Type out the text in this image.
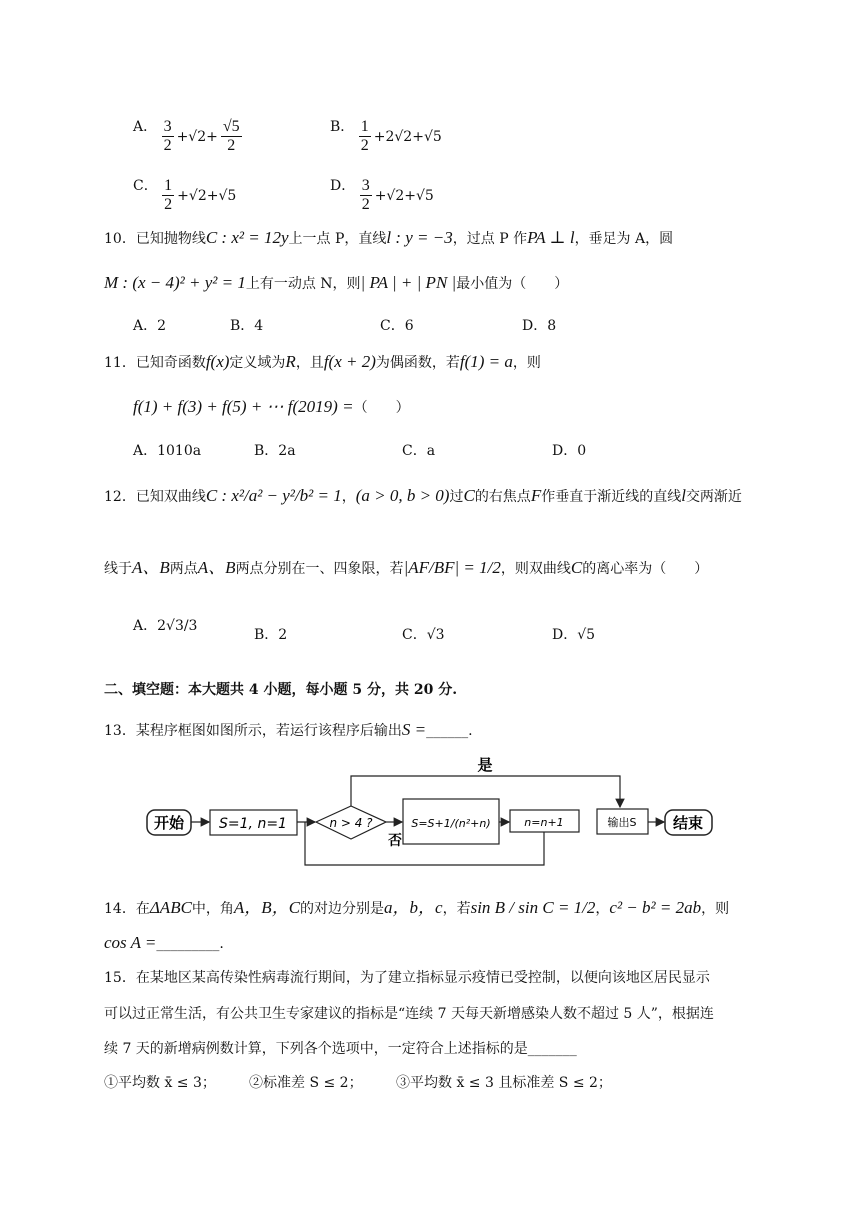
A． $\frac{3}{2} +√2+ \frac{√5}{2}$	B． $\frac{1}{2} +2√2+√5$
C． $\frac{1}{2} +√2+√5$
D． $\frac{3}{2} +√2+√5$
10．已知抛物线C : x² = 12y上一点 P，直线l : y = −3，过点 P 作PA ⊥ l，垂足为 A，圆
M : (x − 4)² + y² = 1上有一动点 N，则| PA | + | PN |最小值为（　　）
A．2	B．4	C．6	D．8
11．已知奇函数f(x)定义域为R，且f(x + 2)为偶函数，若f(1) = a，则
f(1) + f(3) + f(5) + ⋯ f(2019) =（　　）
A．1010a	B．2a	C．a	D．0
12．已知双曲线C : x²/a² − y²/b² = 1，(a > 0, b > 0)过C的右焦点F作垂直于渐近线的直线l交两渐近
线于A、B两点A、B两点分别在一、四象限，若|AF/BF| = 1/2，则双曲线C的离心率为（　　）
A．2√3/3
B．2	C．√3	D．√5
二、填空题：本大题共 4 小题，每小题 5 分，共 20 分.
13．某程序框图如图所示，若运行该程序后输出S =______.
开始	S=1, n=1	n > 4 ?
否
S=S+1/(n²+n)	n=n+1
是
输出S 结束
14．在ΔABC中，角A，B，C的对边分别是a，b，c，若sin B / sin C = 1/2，c² − b² = 2ab，则
cos A =_________.
15．在某地区某高传染性病毒流行期间，为了建立指标显示疫情已受控制，以便向该地区居民显示
可以过正常生活，有公共卫生专家建议的指标是“连续 7 天每天新增感染人数不超过 5 人”，根据连
续 7 天的新增病例数计算，下列各个选项中，一定符合上述指标的是_______
①平均数 x̄ ≤ 3； ②标准差 S ≤ 2； ③平均数 x̄ ≤ 3 且标准差 S ≤ 2；
